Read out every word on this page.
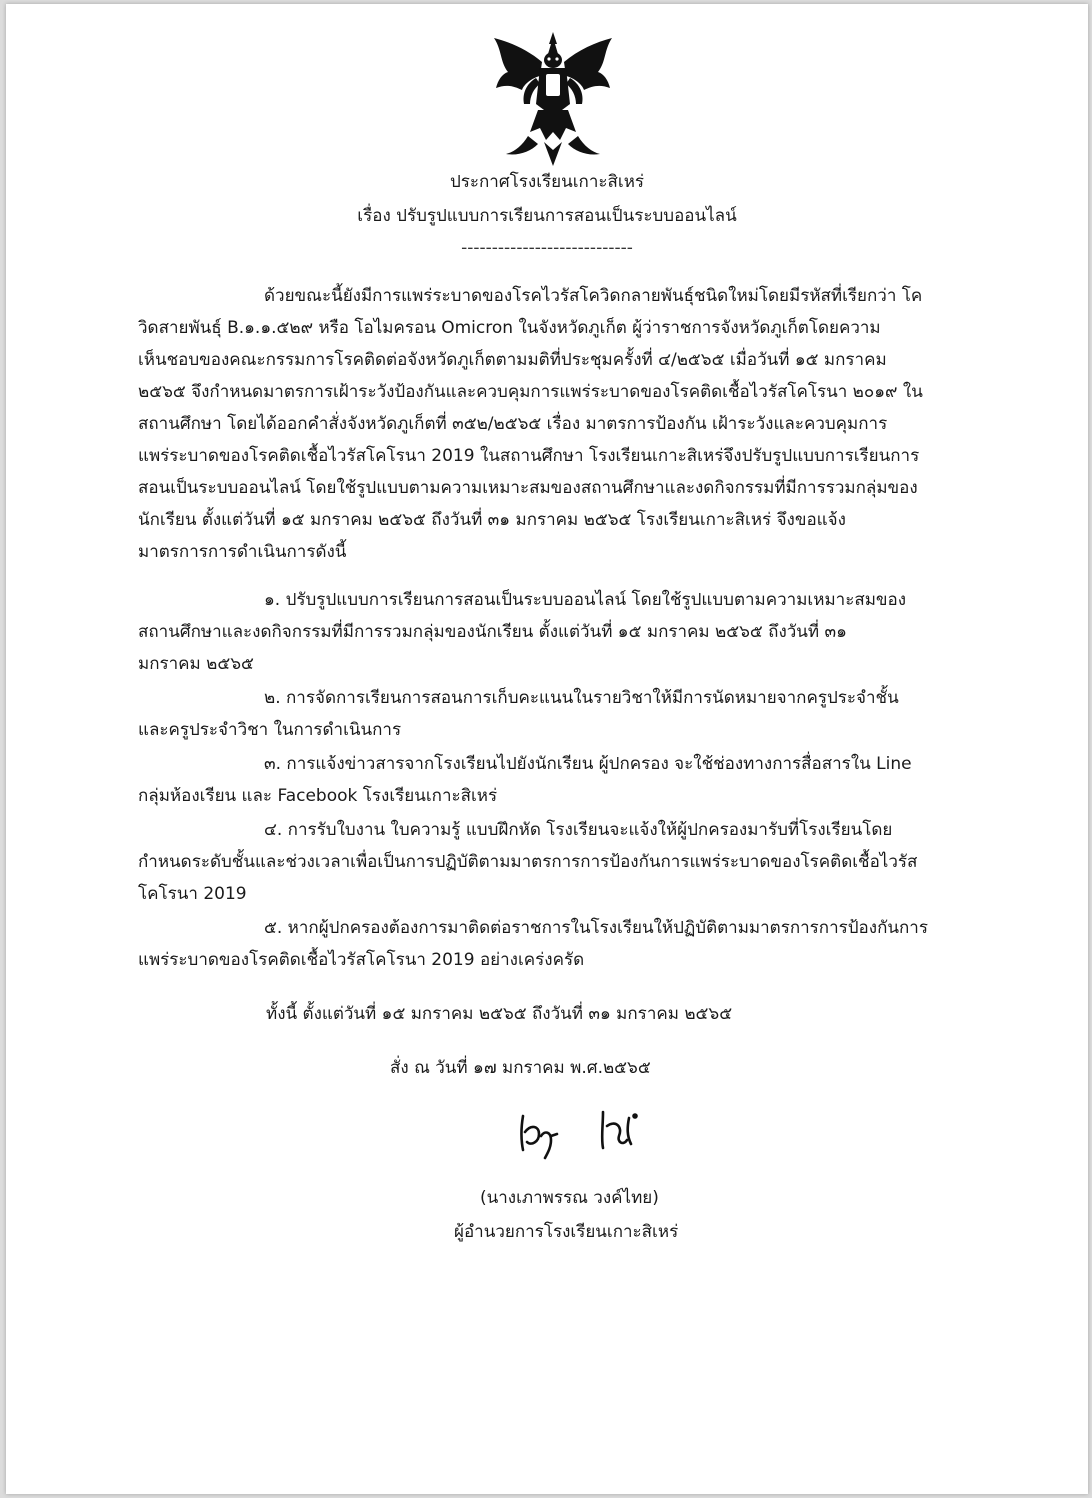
ประกาศโรงเรียนเกาะสิเหร่
เรื่อง ปรับรูปแบบการเรียนการสอนเป็นระบบออนไลน์
----------------------------
ด้วยขณะนี้ยังมีการแพร่ระบาดของโรคไวรัสโควิดกลายพันธุ์ชนิดใหม่โดยมีรหัสที่เรียกว่า โค
วิดสายพันธุ์ B.๑.๑.๕๒๙ หรือ โอไมครอน Omicron ในจังหวัดภูเก็ต ผู้ว่าราชการจังหวัดภูเก็ตโดยความ
เห็นชอบของคณะกรรมการโรคติดต่อจังหวัดภูเก็ตตามมติที่ประชุมครั้งที่ ๔/๒๕๖๕ เมื่อวันที่ ๑๕ มกราคม
๒๕๖๕ จึงกำหนดมาตรการเฝ้าระวังป้องกันและควบคุมการแพร่ระบาดของโรคติดเชื้อไวรัสโคโรนา ๒๐๑๙ ใน
สถานศึกษา โดยได้ออกคำสั่งจังหวัดภูเก็ตที่ ๓๕๒/๒๕๖๕ เรื่อง มาตรการป้องกัน เฝ้าระวังและควบคุมการ
แพร่ระบาดของโรคติดเชื้อไวรัสโคโรนา 2019 ในสถานศึกษา โรงเรียนเกาะสิเหร่จึงปรับรูปแบบการเรียนการ
สอนเป็นระบบออนไลน์ โดยใช้รูปแบบตามความเหมาะสมของสถานศึกษาและงดกิจกรรมที่มีการรวมกลุ่มของ
นักเรียน ตั้งแต่วันที่ ๑๕ มกราคม ๒๕๖๕ ถึงวันที่ ๓๑ มกราคม ๒๕๖๕ โรงเรียนเกาะสิเหร่ จึงขอแจ้ง
มาตรการการดำเนินการดังนี้
๑. ปรับรูปแบบการเรียนการสอนเป็นระบบออนไลน์ โดยใช้รูปแบบตามความเหมาะสมของ
สถานศึกษาและงดกิจกรรมที่มีการรวมกลุ่มของนักเรียน ตั้งแต่วันที่ ๑๕ มกราคม ๒๕๖๕ ถึงวันที่ ๓๑
มกราคม ๒๕๖๕
๒. การจัดการเรียนการสอนการเก็บคะแนนในรายวิชาให้มีการนัดหมายจากครูประจำชั้น
และครูประจำวิชา ในการดำเนินการ
๓. การแจ้งข่าวสารจากโรงเรียนไปยังนักเรียน ผู้ปกครอง จะใช้ช่องทางการสื่อสารใน Line
กลุ่มห้องเรียน และ Facebook โรงเรียนเกาะสิเหร่
๔. การรับใบงาน ใบความรู้ แบบฝึกหัด โรงเรียนจะแจ้งให้ผู้ปกครองมารับที่โรงเรียนโดย
กำหนดระดับชั้นและช่วงเวลาเพื่อเป็นการปฏิบัติตามมาตรการการป้องกันการแพร่ระบาดของโรคติดเชื้อไวรัส
โคโรนา 2019
๕. หากผู้ปกครองต้องการมาติดต่อราชการในโรงเรียนให้ปฏิบัติตามมาตรการการป้องกันการ
แพร่ระบาดของโรคติดเชื้อไวรัสโคโรนา 2019 อย่างเคร่งครัด
ทั้งนี้ ตั้งแต่วันที่ ๑๕ มกราคม ๒๕๖๕ ถึงวันที่ ๓๑ มกราคม ๒๕๖๕
สั่ง ณ วันที่ ๑๗ มกราคม พ.ศ.๒๕๖๕
(นางเภาพรรณ วงค์ไทย)
ผู้อำนวยการโรงเรียนเกาะสิเหร่
